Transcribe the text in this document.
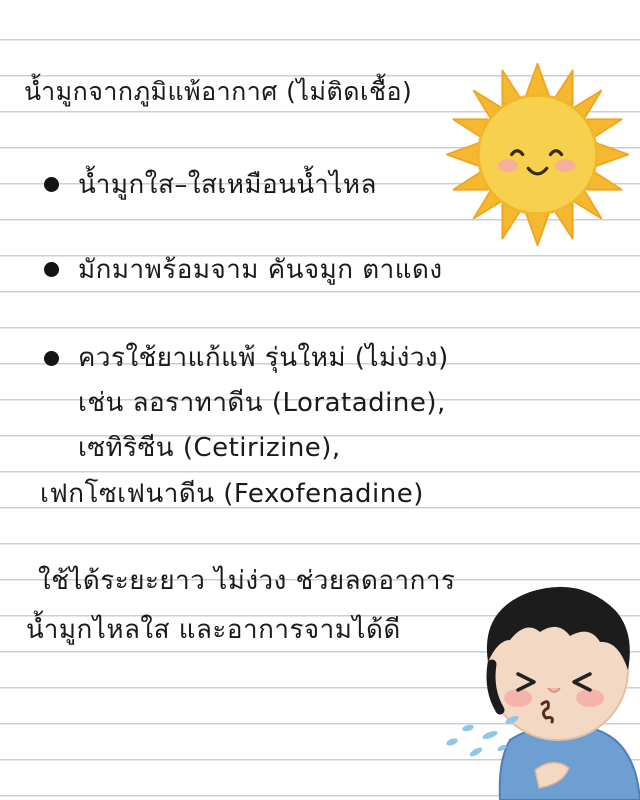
น้ำมูกจากภูมิแพ้อากาศ (ไม่ติดเชื้อ)
น้ำมูกใส–ใสเหมือนน้ำไหล
มักมาพร้อมจาม คันจมูก ตาแดง
ควรใช้ยาแก้แพ้ รุ่นใหม่ (ไม่ง่วง)
เช่น ลอราทาดีน (Loratadine),
เซทิริซีน (Cetirizine),
เฟกโซเฟนาดีน (Fexofenadine)
ใช้ได้ระยะยาว ไม่ง่วง ช่วยลดอาการ
น้ำมูกไหลใส และอาการจามได้ดี
